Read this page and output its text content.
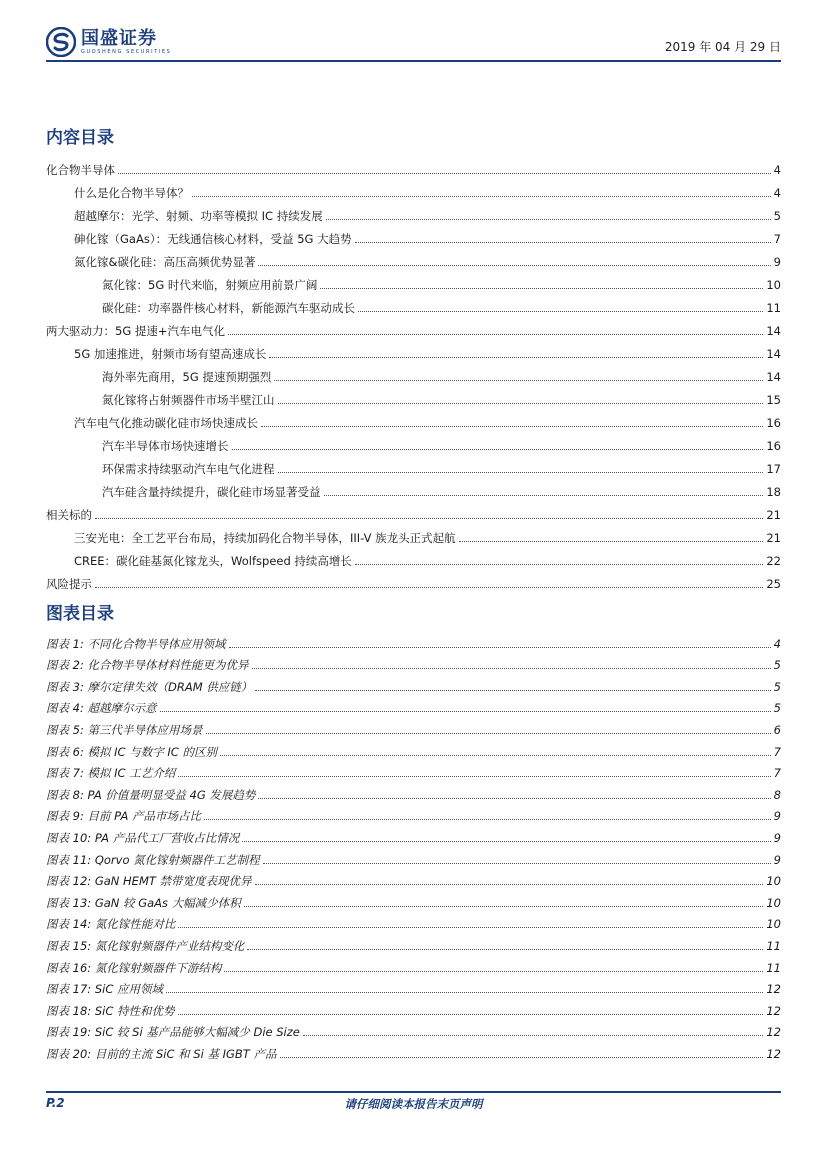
国盛证券
GUOSHENG SECURITIES	2019 年 04 月 29 日
内容目录
化合物半导体	4
什么是化合物半导体？	4
超越摩尔：光学、射频、功率等模拟 IC 持续发展	5
砷化镓（GaAs）：无线通信核心材料，受益 5G 大趋势	7
氮化镓&碳化硅：高压高频优势显著	9
氮化镓：5G 时代来临，射频应用前景广阔	10
碳化硅：功率器件核心材料，新能源汽车驱动成长	11
两大驱动力：5G 提速+汽车电气化	14
5G 加速推进，射频市场有望高速成长	14
海外率先商用，5G 提速预期强烈	14
氮化镓将占射频器件市场半壁江山	15
汽车电气化推动碳化硅市场快速成长	16
汽车半导体市场快速增长	16
环保需求持续驱动汽车电气化进程	17
汽车硅含量持续提升，碳化硅市场显著受益	18
相关标的	21
三安光电：全工艺平台布局，持续加码化合物半导体，III-V 族龙头正式起航	21
CREE：碳化硅基氮化镓龙头，Wolfspeed 持续高增长	22
风险提示	25
图表目录
图表 1: 不同化合物半导体应用领域	4
图表 2: 化合物半导体材料性能更为优异	5
图表 3: 摩尔定律失效（DRAM 供应链）	5
图表 4: 超越摩尔示意	5
图表 5: 第三代半导体应用场景	6
图表 6: 模拟 IC 与数字 IC 的区别	7
图表 7: 模拟 IC 工艺介绍	7
图表 8: PA 价值量明显受益 4G 发展趋势	8
图表 9: 目前 PA 产品市场占比	9
图表 10: PA 产品代工厂营收占比情况	9
图表 11: Qorvo 氮化镓射频器件工艺制程	9
图表 12: GaN HEMT 禁带宽度表现优异	10
图表 13: GaN 较 GaAs 大幅减少体积	10
图表 14: 氮化镓性能对比	10
图表 15: 氮化镓射频器件产业结构变化	11
图表 16: 氮化镓射频器件下游结构	11
图表 17: SiC 应用领域	12
图表 18: SiC 特性和优势	12
图表 19: SiC 较 Si 基产品能够大幅减少 Die Size	12
图表 20: 目前的主流 SiC 和 Si 基 IGBT 产品	12
P.2	请仔细阅读本报告末页声明
